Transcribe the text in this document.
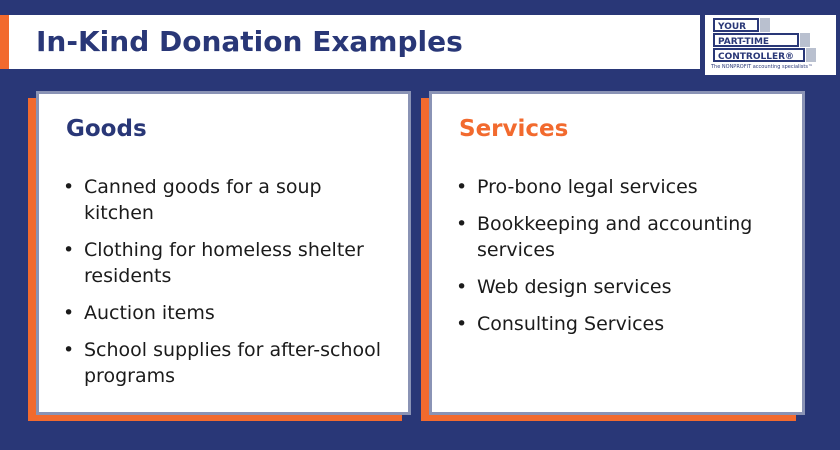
In-Kind Donation Examples	YOUR
PART-TIME
CONTROLLER®
The NONPROFIT accounting specialists™
Goods
• Canned goods for a soup kitchen
• Clothing for homeless shelter residents
• Auction items
• School supplies for after-school programs
Services
• Pro-bono legal services
• Bookkeeping and accounting services
• Web design services
• Consulting Services
